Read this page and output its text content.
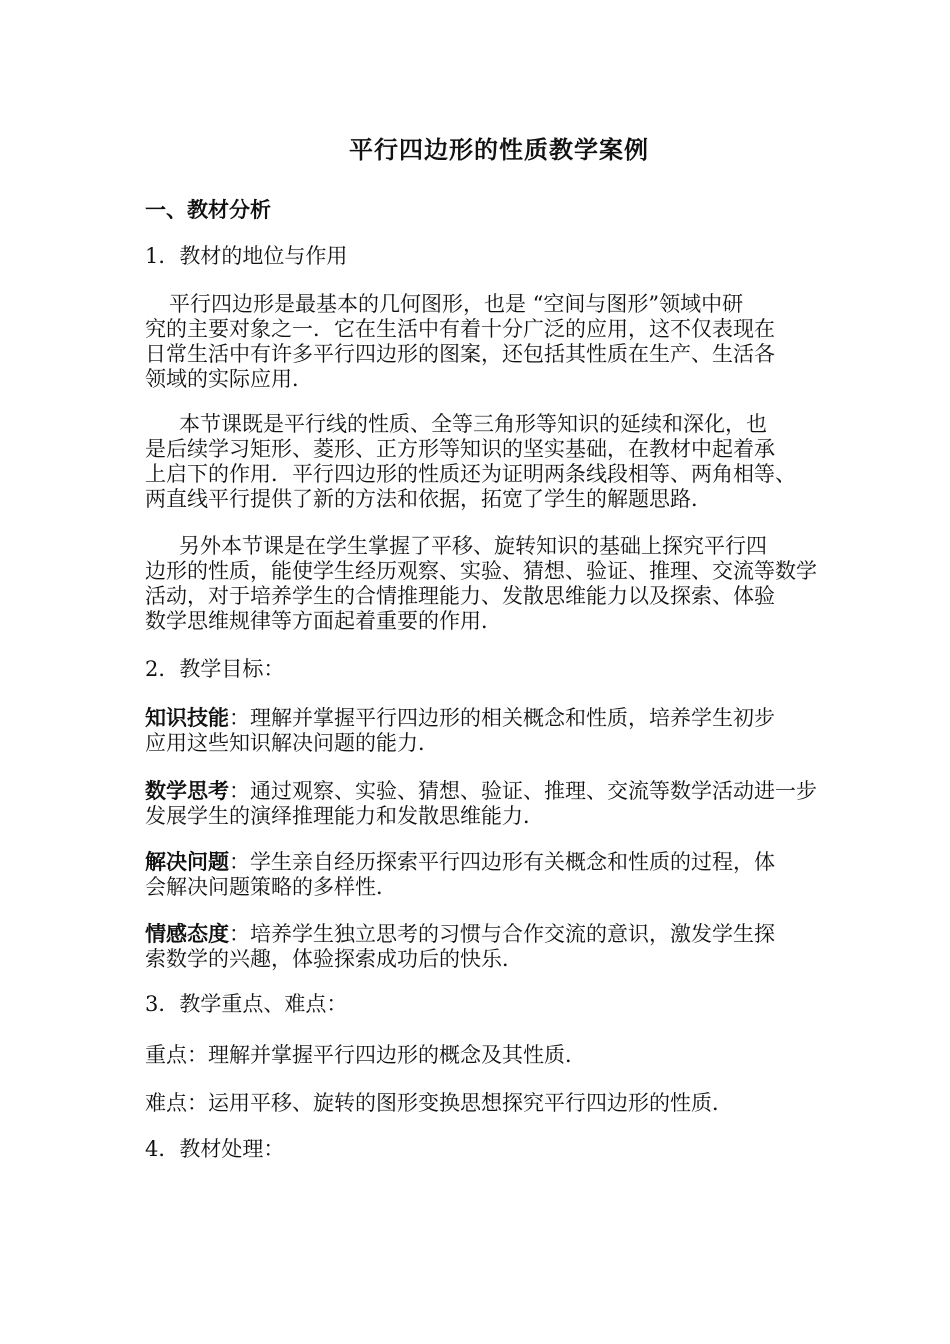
平行四边形的性质教学案例
一、教材分析
1．教材的地位与作用
平行四边形是最基本的几何图形，也是 “空间与图形”领域中研
究的主要对象之一．它在生活中有着十分广泛的应用，这不仅表现在
日常生活中有许多平行四边形的图案，还包括其性质在生产、生活各
领域的实际应用．
本节课既是平行线的性质、全等三角形等知识的延续和深化，也
是后续学习矩形、菱形、正方形等知识的坚实基础，在教材中起着承
上启下的作用．平行四边形的性质还为证明两条线段相等、两角相等、
两直线平行提供了新的方法和依据，拓宽了学生的解题思路．
另外本节课是在学生掌握了平移、旋转知识的基础上探究平行四
边形的性质，能使学生经历观察、实验、猜想、验证、推理、交流等数学
活动，对于培养学生的合情推理能力、发散思维能力以及探索、体验
数学思维规律等方面起着重要的作用．
2．教学目标：
知识技能：理解并掌握平行四边形的相关概念和性质，培养学生初步
应用这些知识解决问题的能力．
数学思考：通过观察、实验、猜想、验证、推理、交流等数学活动进一步
发展学生的演绎推理能力和发散思维能力．
解决问题：学生亲自经历探索平行四边形有关概念和性质的过程，体
会解决问题策略的多样性．
情感态度：培养学生独立思考的习惯与合作交流的意识，激发学生探
索数学的兴趣，体验探索成功后的快乐．
3．教学重点、难点：
重点：理解并掌握平行四边形的概念及其性质．
难点：运用平移、旋转的图形变换思想探究平行四边形的性质．
4．教材处理：
